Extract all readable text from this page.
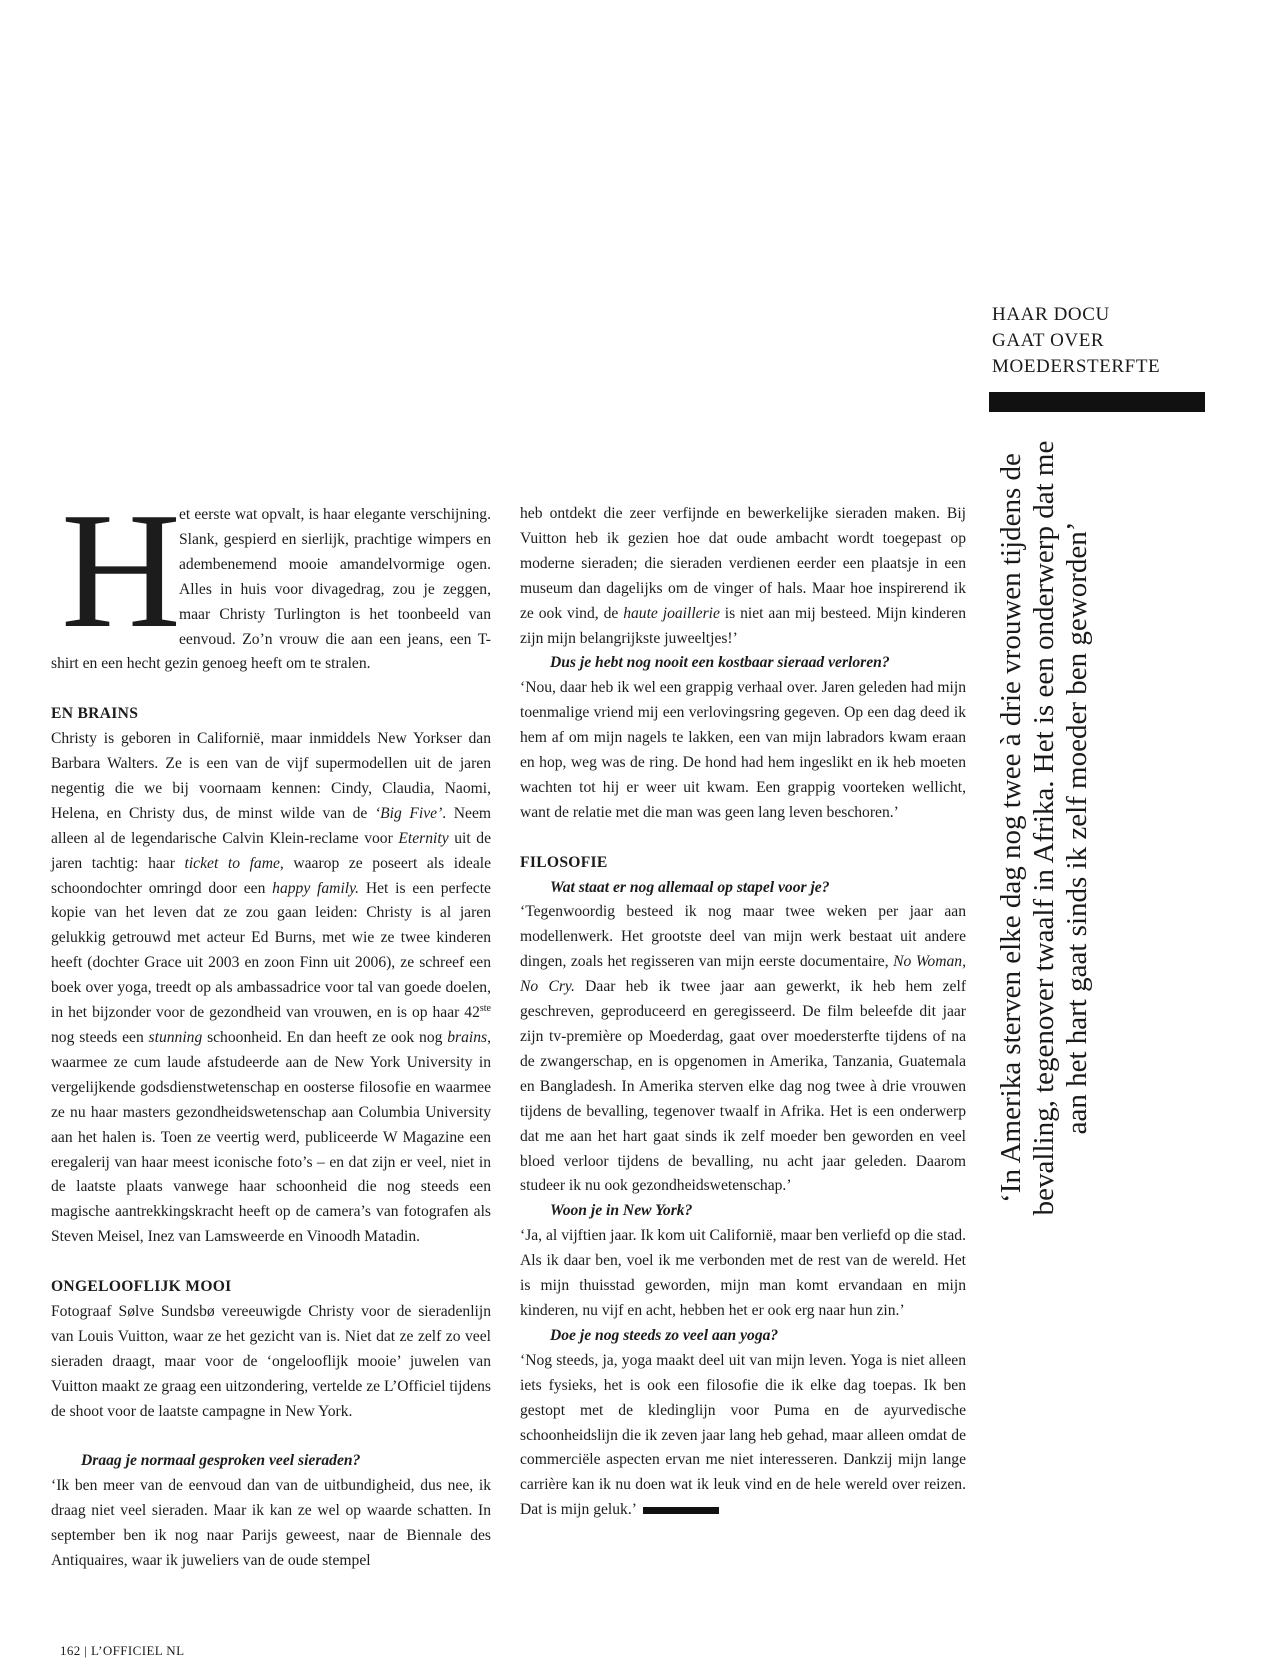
HAAR DOCU
GAAT OVER
MOEDERSTERFTE
‘In Amerika sterven elke dag nog twee à drie vrouwen tijdens de bevalling, tegenover twaalf in Afrika. Het is een onderwerp dat me aan het hart gaat sinds ik zelf moeder ben geworden’
H

et eerste wat opvalt, is haar elegante verschijning. Slank, gespierd en sierlijk, prachtige wimpers en adembenemend mooie amandelvormige ogen. Alles in huis voor divagedrag, zou je zeggen, maar Christy Turlington is het toonbeeld van eenvoud. Zo’n vrouw die aan een jeans, een T-shirt en een hecht gezin genoeg heeft om te stralen.

EN BRAINS

Christy is geboren in Californië, maar inmiddels New Yorkser dan Barbara Walters. Ze is een van de vijf supermodellen uit de jaren negentig die we bij voornaam kennen: Cindy, Claudia, Naomi, Helena, en Christy dus, de minst wilde van de ‘Big Five’. Neem alleen al de legendarische Calvin Klein-reclame voor Eternity uit de jaren tachtig: haar ticket to fame, waarop ze poseert als ideale schoondochter omringd door een happy family. Het is een perfecte kopie van het leven dat ze zou gaan leiden: Christy is al jaren gelukkig getrouwd met acteur Ed Burns, met wie ze twee kinderen heeft (dochter Grace uit 2003 en zoon Finn uit 2006), ze schreef een boek over yoga, treedt op als ambassadrice voor tal van goede doelen, in het bijzonder voor de gezondheid van vrouwen, en is op haar 42ste nog steeds een stunning schoonheid. En dan heeft ze ook nog brains, waarmee ze cum laude afstudeerde aan de New York University in vergelijkende godsdienstwetenschap en oosterse filosofie en waarmee ze nu haar masters gezondheidswetenschap aan Columbia University aan het halen is. Toen ze veertig werd, publiceerde W Magazine een eregalerij van haar meest iconische foto’s – en dat zijn er veel, niet in de laatste plaats vanwege haar schoonheid die nog steeds een magische aantrekkingskracht heeft op de camera’s van fotografen als Steven Meisel, Inez van Lamsweerde en Vinoodh Matadin.

ONGELOOFLIJK MOOI

Fotograaf Sølve Sundsbø vereeuwigde Christy voor de sieradenlijn van Louis Vuitton, waar ze het gezicht van is. Niet dat ze zelf zo veel sieraden draagt, maar voor de ‘ongelooflijk mooie’ juwelen van Vuitton maakt ze graag een uitzondering, vertelde ze L’Officiel tijdens de shoot voor de laatste campagne in New York.

Draag je normaal gesproken veel sieraden?

‘Ik ben meer van de eenvoud dan van de uitbundigheid, dus nee, ik draag niet veel sieraden. Maar ik kan ze wel op waarde schatten. In september ben ik nog naar Parijs geweest, naar de Biennale des Antiquaires, waar ik juweliers van de oude stempel

heb ontdekt die zeer verfijnde en bewerkelijke sieraden maken. Bij Vuitton heb ik gezien hoe dat oude ambacht wordt toegepast op moderne sieraden; die sieraden verdienen eerder een plaatsje in een museum dan dagelijks om de vinger of hals. Maar hoe inspirerend ik ze ook vind, de haute joaillerie is niet aan mij besteed. Mijn kinderen zijn mijn belangrijkste juweeltjes!’

Dus je hebt nog nooit een kostbaar sieraad verloren?

‘Nou, daar heb ik wel een grappig verhaal over. Jaren geleden had mijn toenmalige vriend mij een verlovingsring gegeven. Op een dag deed ik hem af om mijn nagels te lakken, een van mijn labradors kwam eraan en hop, weg was de ring. De hond had hem ingeslikt en ik heb moeten wachten tot hij er weer uit kwam. Een grappig voorteken wellicht, want de relatie met die man was geen lang leven beschoren.’

FILOSOFIE

Wat staat er nog allemaal op stapel voor je?

‘Tegenwoordig besteed ik nog maar twee weken per jaar aan modellenwerk. Het grootste deel van mijn werk bestaat uit andere dingen, zoals het regisseren van mijn eerste documentaire, No Woman, No Cry. Daar heb ik twee jaar aan gewerkt, ik heb hem zelf geschreven, geproduceerd en geregisseerd. De film beleefde dit jaar zijn tv-première op Moederdag, gaat over moedersterfte tijdens of na de zwangerschap, en is opgenomen in Amerika, Tanzania, Guatemala en Bangladesh. In Amerika sterven elke dag nog twee à drie vrouwen tijdens de bevalling, tegenover twaalf in Afrika. Het is een onderwerp dat me aan het hart gaat sinds ik zelf moeder ben geworden en veel bloed verloor tijdens de bevalling, nu acht jaar geleden. Daarom studeer ik nu ook gezondheidswetenschap.’

Woon je in New York?

‘Ja, al vijftien jaar. Ik kom uit Californië, maar ben verliefd op die stad. Als ik daar ben, voel ik me verbonden met de rest van de wereld. Het is mijn thuisstad geworden, mijn man komt ervandaan en mijn kinderen, nu vijf en acht, hebben het er ook erg naar hun zin.’

Doe je nog steeds zo veel aan yoga?

‘Nog steeds, ja, yoga maakt deel uit van mijn leven. Yoga is niet alleen iets fysieks, het is ook een filosofie die ik elke dag toepas. Ik ben gestopt met de kledinglijn voor Puma en de ayurvedische schoonheidslijn die ik zeven jaar lang heb gehad, maar alleen omdat de commerciële aspecten ervan me niet interesseren. Dankzij mijn lange carrière kan ik nu doen wat ik leuk vind en de hele wereld over reizen. Dat is mijn geluk.’

162 | L’OFFICIEL NL
